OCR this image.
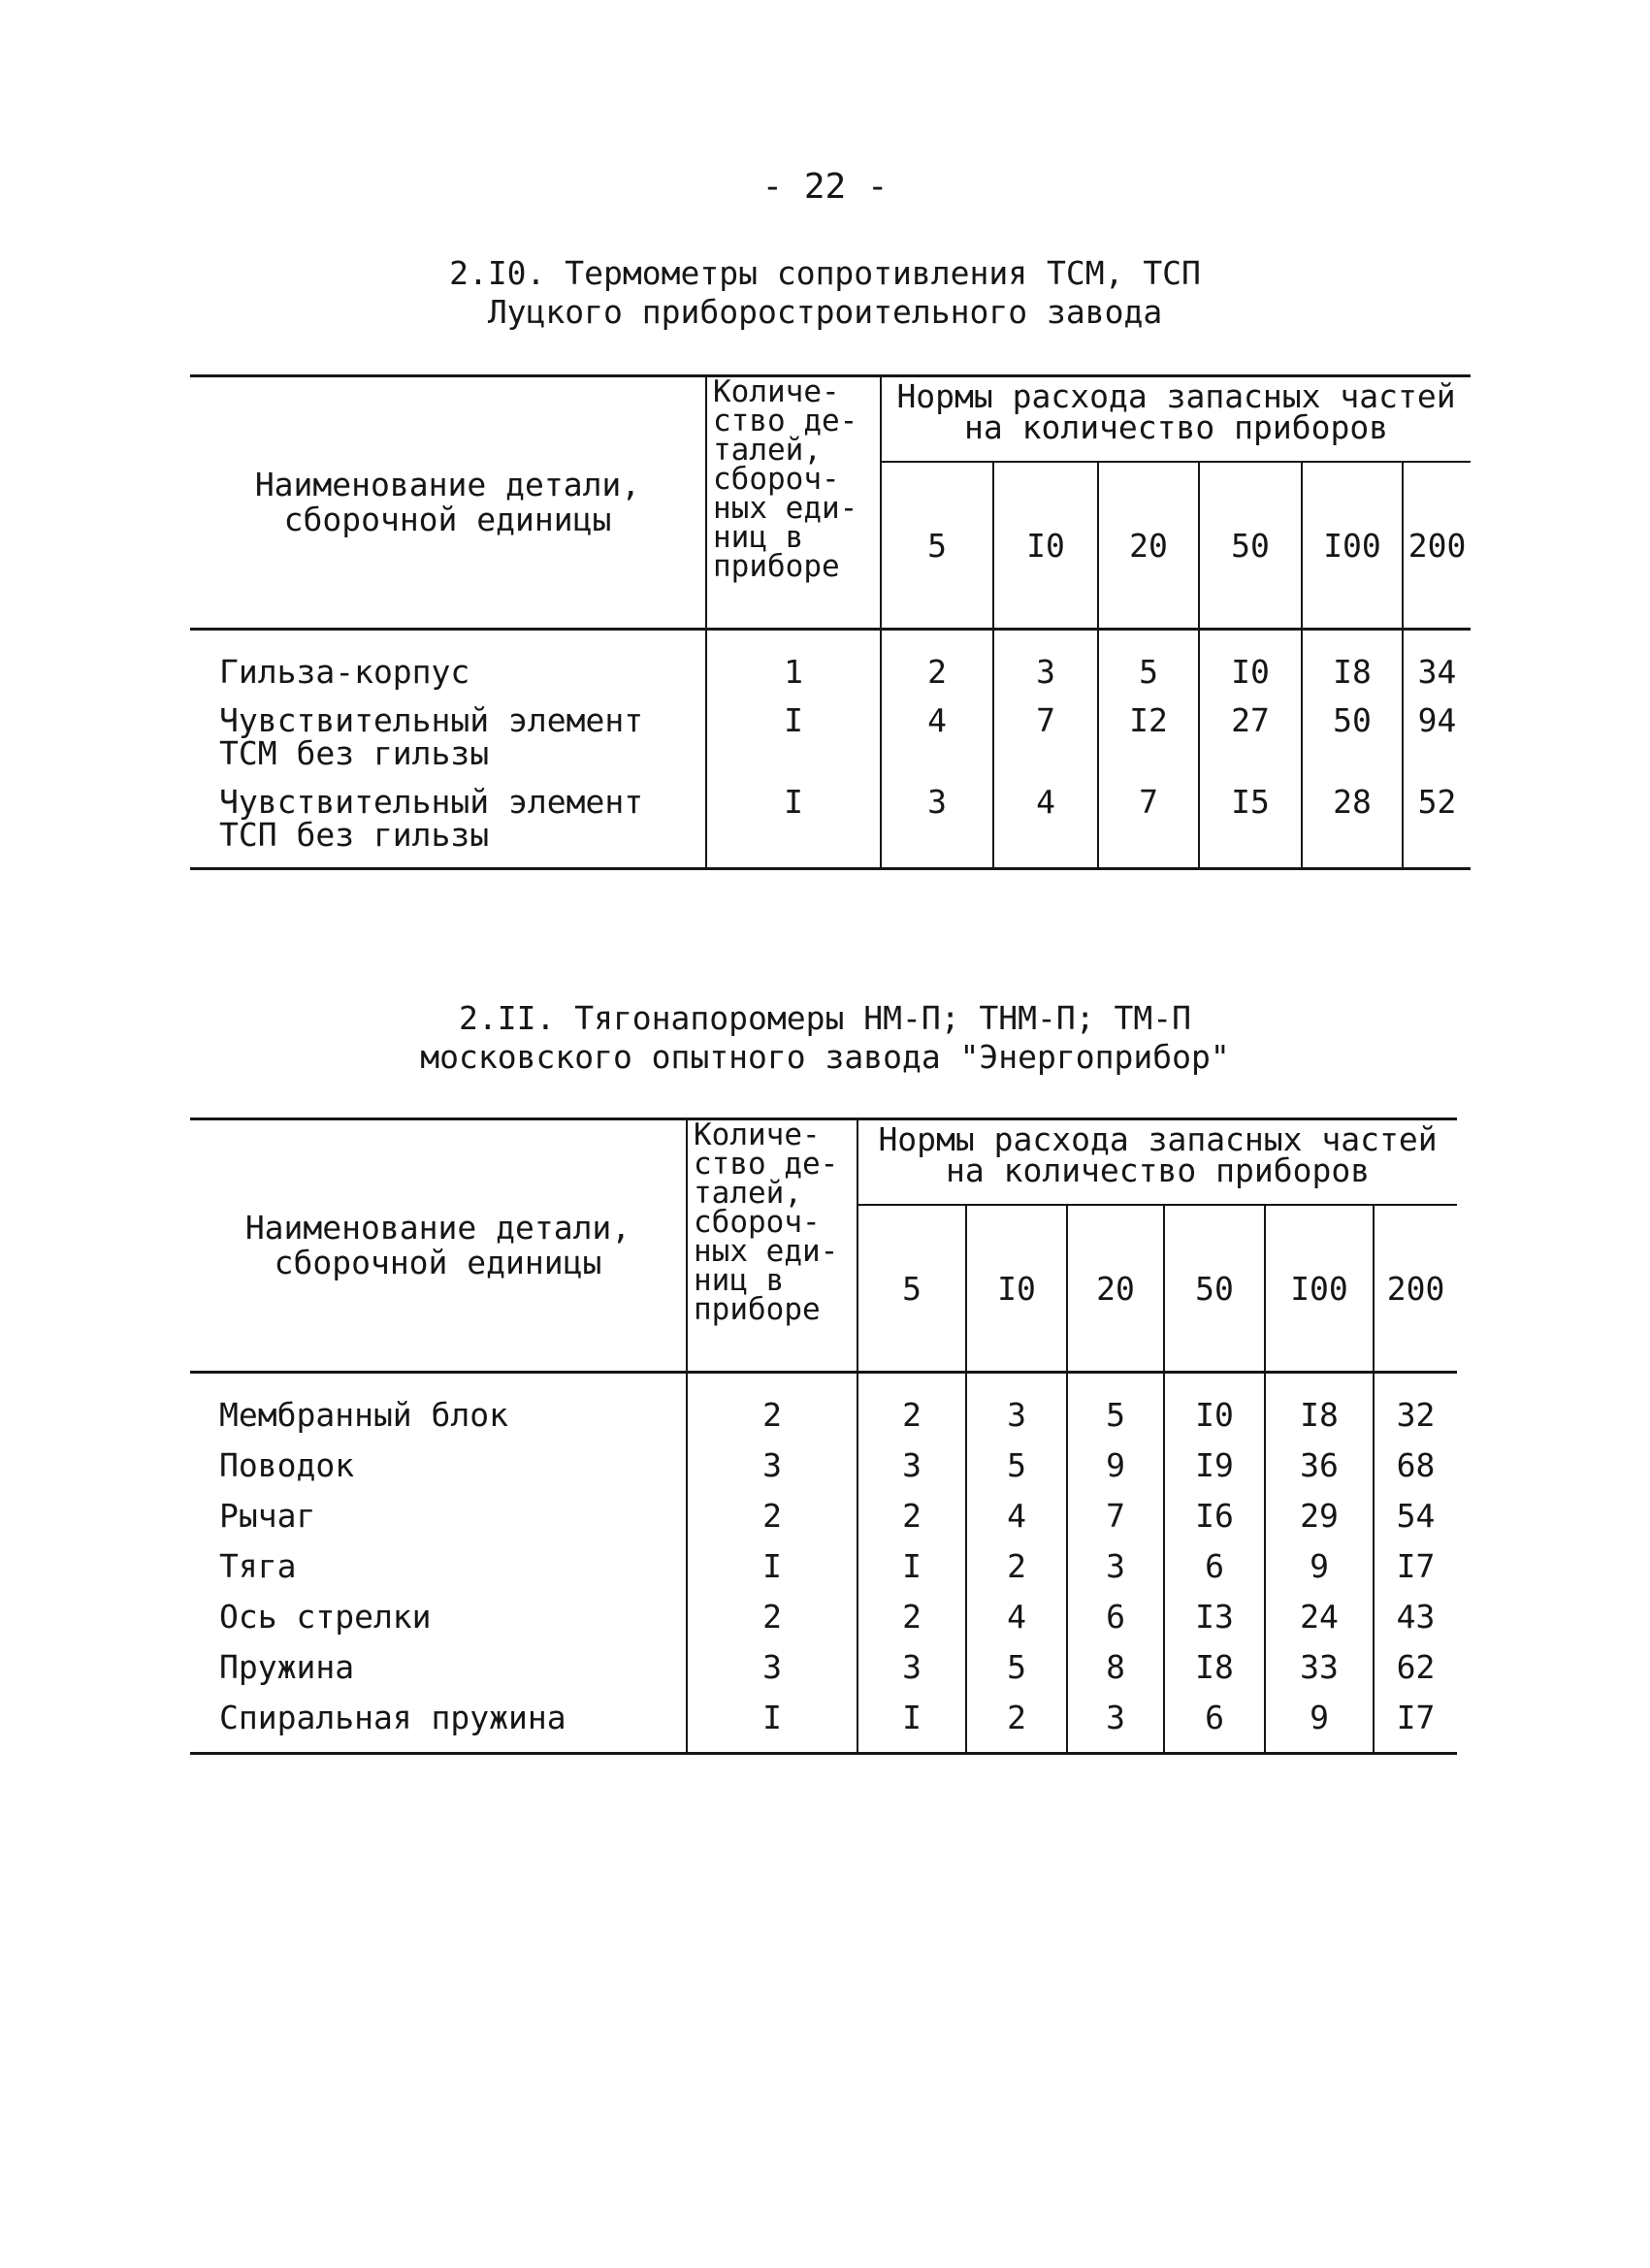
- 22 -
2.I0. Термометры сопротивления ТСМ, ТСП
Луцкого приборостроительного завода
Наименование детали, сборочной единицы	Количе-ство де-талей, сбороч-ных еди-ниц в приборе	Нормы расхода запасных частей на количество приборов					
		5	I0	20	50	I00	200

Гильза-корпус	1	2	3	5	I0	I8	34
Чувствительный элемент ТСМ без гильзы	I	4	7	I2	27	50	94
Чувствительный элемент ТСП без гильзы	I	3	4	7	I5	28	52
2.II. Тягонапоромеры НМ-П; ТНМ-П; ТМ-П
московского опытного завода "Энергоприбор"
Наименование детали, сборочной единицы	Количе-ство де-талей, сбороч-ных еди-ниц в приборе	Нормы расхода запасных частей на количество приборов					
		5	I0	20	50	I00	200

Мембранный блок	2	2	3	5	I0	I8	32
Поводок	3	3	5	9	I9	36	68
Рычаг	2	2	4	7	I6	29	54
Тяга	I	I	2	3	6	9	I7
Ось стрелки	2	2	4	6	I3	24	43
Пружина	3	3	5	8	I8	33	62
Спиральная пружина	I	I	2	3	6	9	I7
